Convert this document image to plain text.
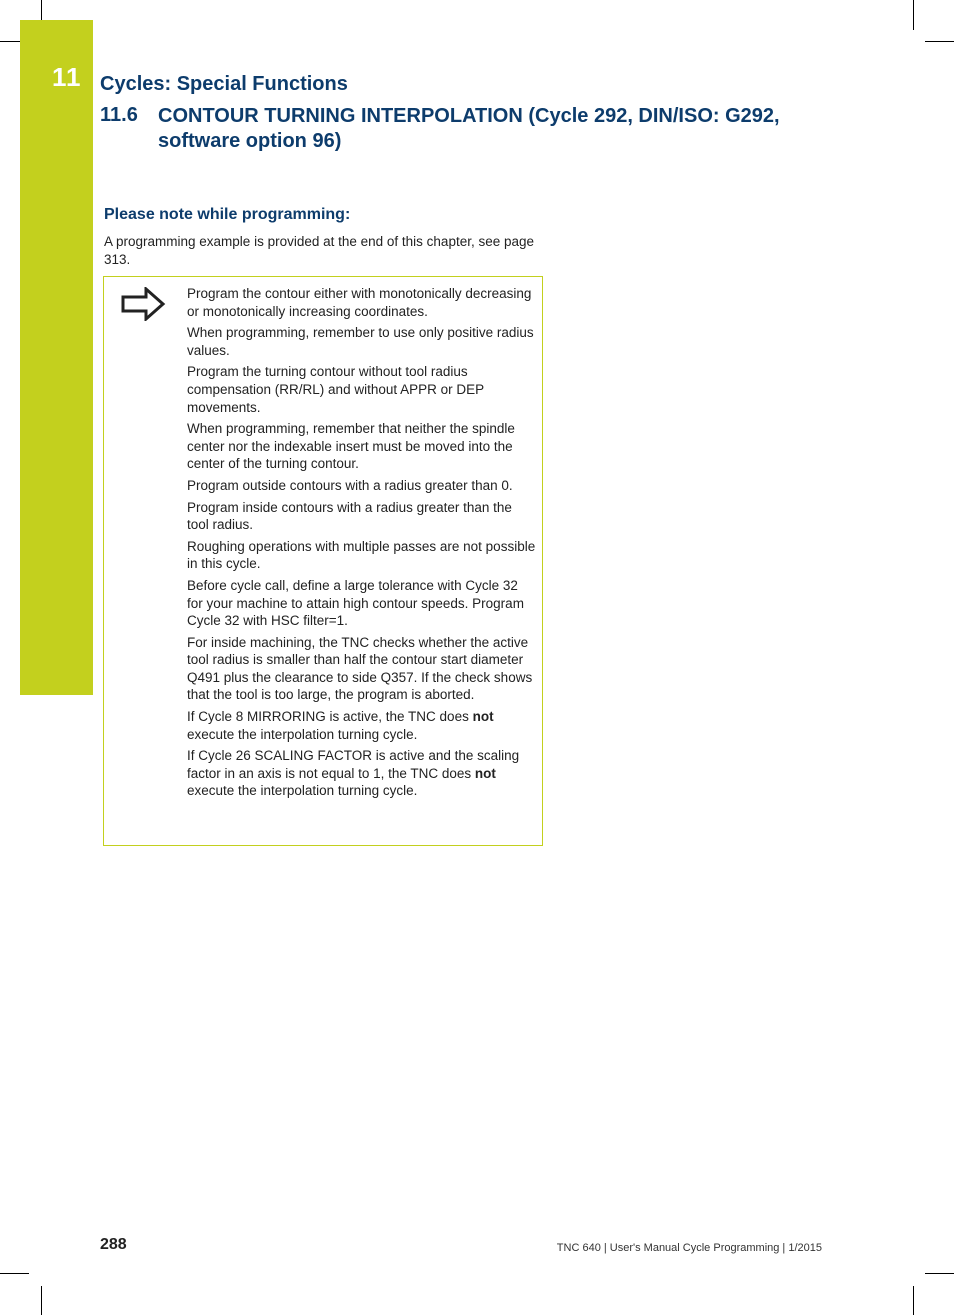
11 Cycles: Special Functions
11.6 CONTOUR TURNING INTERPOLATION (Cycle 292, DIN/ISO: G292, software option 96)
Please note while programming:
A programming example is provided at the end of this chapter, see page 313.

Program the contour either with monotonically decreasing or monotonically increasing coordinates.

When programming, remember to use only positive radius values.

Program the turning contour without tool radius compensation (RR/RL) and without APPR or DEP movements.

When programming, remember that neither the spindle center nor the indexable insert must be moved into the center of the turning contour.

Program outside contours with a radius greater than 0.

Program inside contours with a radius greater than the tool radius.

Roughing operations with multiple passes are not possible in this cycle.

Before cycle call, define a large tolerance with Cycle 32 for your machine to attain high contour speeds. Program Cycle 32 with HSC filter=1.

For inside machining, the TNC checks whether the active tool radius is smaller than half the contour start diameter Q491 plus the clearance to side Q357. If the check shows that the tool is too large, the program is aborted.

If Cycle 8 MIRRORING is active, the TNC does not execute the interpolation turning cycle.

If Cycle 26 SCALING FACTOR is active and the scaling factor in an axis is not equal to 1, the TNC does not execute the interpolation turning cycle.

288	TNC 640 | User's Manual Cycle Programming | 1/2015
